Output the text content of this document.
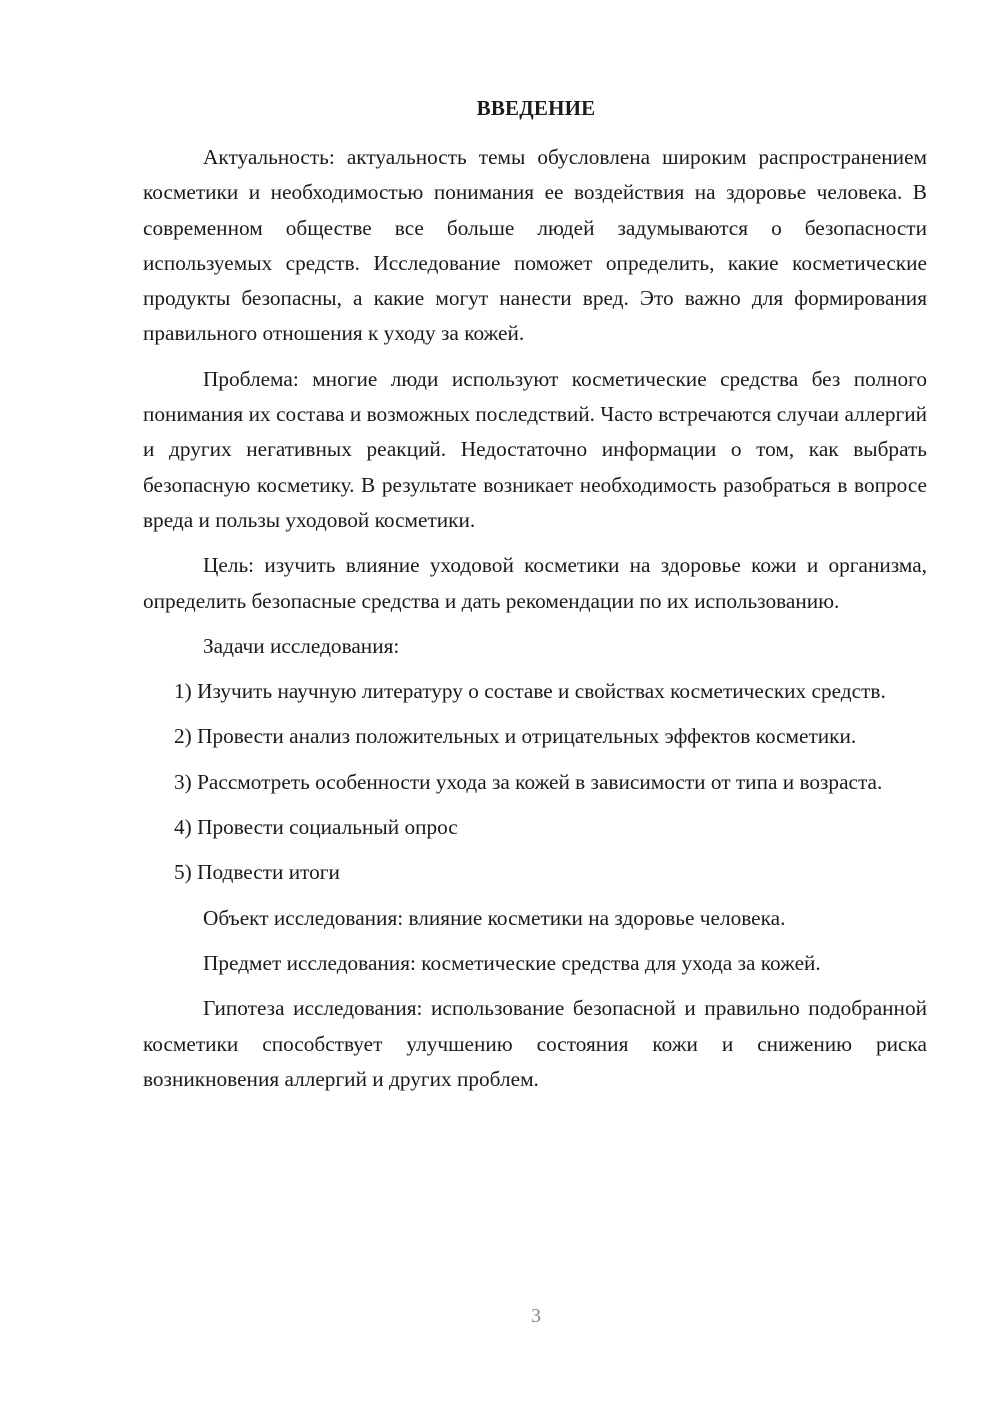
ВВЕДЕНИЕ

Актуальность: актуальность темы обусловлена широким распространением косметики и необходимостью понимания ее воздействия на здоровье человека. В современном обществе все больше людей задумываются о безопасности используемых средств. Исследование поможет определить, какие косметические продукты безопасны, а какие могут нанести вред. Это важно для формирования правильного отношения к уходу за кожей.

Проблема: многие люди используют косметические средства без полного понимания их состава и возможных последствий. Часто встречаются случаи аллергий и других негативных реакций. Недостаточно информации о том, как выбрать безопасную косметику. В результате возникает необходимость разобраться в вопросе вреда и пользы уходовой косметики.

Цель: изучить влияние уходовой косметики на здоровье кожи и организма, определить безопасные средства и дать рекомендации по их использованию.

Задачи исследования:

1) Изучить научную литературу о составе и свойствах косметических средств.

2) Провести анализ положительных и отрицательных эффектов косметики.

3) Рассмотреть особенности ухода за кожей в зависимости от типа и возраста.

4) Провести социальный опрос

5) Подвести итоги

Объект исследования: влияние косметики на здоровье человека.

Предмет исследования: косметические средства для ухода за кожей.

Гипотеза исследования: использование безопасной и правильно подобранной косметики способствует улучшению состояния кожи и снижению риска возникновения аллергий и других проблем.

3
